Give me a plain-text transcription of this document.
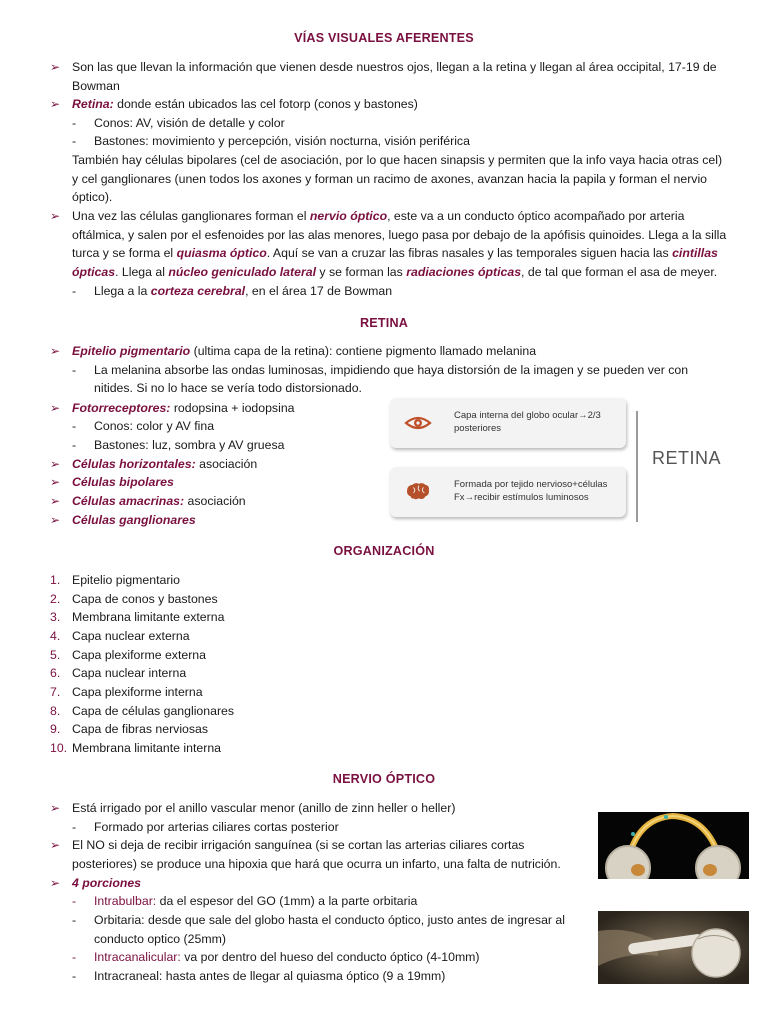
VÍAS VISUALES AFERENTES
➢ Son las que llevan la información que vienen desde nuestros ojos, llegan a la retina y llegan al área occipital, 17-19 de
Bowman
➢ Retina: donde están ubicados las cel fotorp (conos y bastones)
- Conos: AV, visión de detalle y color
- Bastones: movimiento y percepción, visión nocturna, visión periférica
También hay células bipolares (cel de asociación, por lo que hacen sinapsis y permiten que la info vaya hacia otras cel)
y cel ganglionares (unen todos los axones y forman un racimo de axones, avanzan hacia la papila y forman el nervio
óptico).
➢ Una vez las células ganglionares forman el nervio óptico, este va a un conducto óptico acompañado por arteria
oftálmica, y salen por el esfenoides por las alas menores, luego pasa por debajo de la apófisis quinoides. Llega a la silla
turca y se forma el quiasma óptico. Aquí se van a cruzar las fibras nasales y las temporales siguen hacia las cintillas
ópticas. Llega al núcleo geniculado lateral y se forman las radiaciones ópticas, de tal que forman el asa de meyer.
- Llega a la corteza cerebral, en el área 17 de Bowman
RETINA
➢ Epitelio pigmentario (ultima capa de la retina): contiene pigmento llamado melanina
- La melanina absorbe las ondas luminosas, impidiendo que haya distorsión de la imagen y se pueden ver con
nitides. Si no lo hace se vería todo distorsionado.
➢ Fotorreceptores: rodopsina + iodopsina
- Conos: color y AV fina
- Bastones: luz, sombra y AV gruesa
➢ Células horizontales: asociación
➢ Células bipolares
➢ Células amacrinas: asociación
➢ Células ganglionares
Capa interna del globo ocular→2/3
posteriores
Formada por tejido nervioso+células
Fx→recibir estímulos luminosos
RETINA
ORGANIZACIÓN
1. Epitelio pigmentario
2. Capa de conos y bastones
3. Membrana limitante externa
4. Capa nuclear externa
5. Capa plexiforme externa
6. Capa nuclear interna
7. Capa plexiforme interna
8. Capa de células ganglionares
9. Capa de fibras nerviosas
10. Membrana limitante interna
NERVIO ÓPTICO
➢ Está irrigado por el anillo vascular menor (anillo de zinn heller o heller)
- Formado por arterias ciliares cortas posterior
➢ El NO si deja de recibir irrigación sanguínea (si se cortan las arterias ciliares cortas
posteriores) se produce una hipoxia que hará que ocurra un infarto, una falta de nutrición.
➢ 4 porciones
- Intrabulbar: da el espesor del GO (1mm) a la parte orbitaria
- Orbitaria: desde que sale del globo hasta el conducto óptico, justo antes de ingresar al
conducto optico (25mm)
- Intracanalicular: va por dentro del hueso del conducto óptico (4-10mm)
- Intracraneal: hasta antes de llegar al quiasma óptico (9 a 19mm)
